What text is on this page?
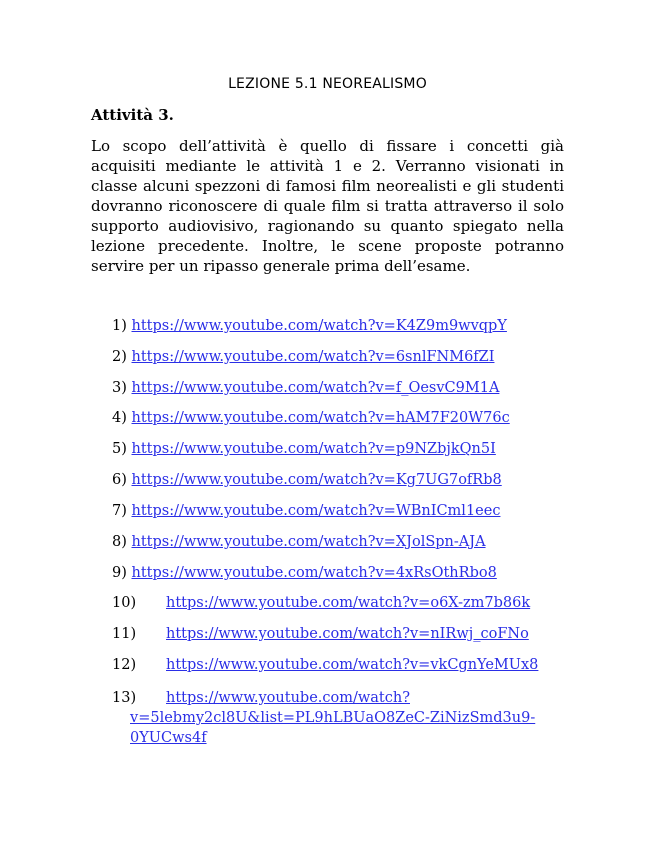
LEZIONE 5.1 NEOREALISMO
Attività 3.
Lo scopo dell’attività è quello di fissare i concetti già
acquisiti mediante le attività 1 e 2. Verranno visionati in
classe alcuni spezzoni di famosi film neorealisti e gli studenti
dovranno riconoscere di quale film si tratta attraverso il solo
supporto audiovisivo, ragionando su quanto spiegato nella
lezione precedente. Inoltre, le scene proposte potranno
servire per un ripasso generale prima dell’esame.
1) https://www.youtube.com/watch?v=K4Z9m9wvqpY
2) https://www.youtube.com/watch?v=6snlFNM6fZI
3) https://www.youtube.com/watch?v=f_OesvC9M1A
4) https://www.youtube.com/watch?v=hAM7F20W76c
5) https://www.youtube.com/watch?v=p9NZbjkQn5I
6) https://www.youtube.com/watch?v=Kg7UG7ofRb8
7) https://www.youtube.com/watch?v=WBnICml1eec
8) https://www.youtube.com/watch?v=XJolSpn-AJA
9) https://www.youtube.com/watch?v=4xRsOthRbo8
10) https://www.youtube.com/watch?v=o6X-zm7b86k
11) https://www.youtube.com/watch?v=nIRwj_coFNo
12) https://www.youtube.com/watch?v=vkCgnYeMUx8
13) https://www.youtube.com/watch?
v=5lebmy2cl8U&list=PL9hLBUaO8ZeC-ZiNizSmd3u9-
0YUCws4f
